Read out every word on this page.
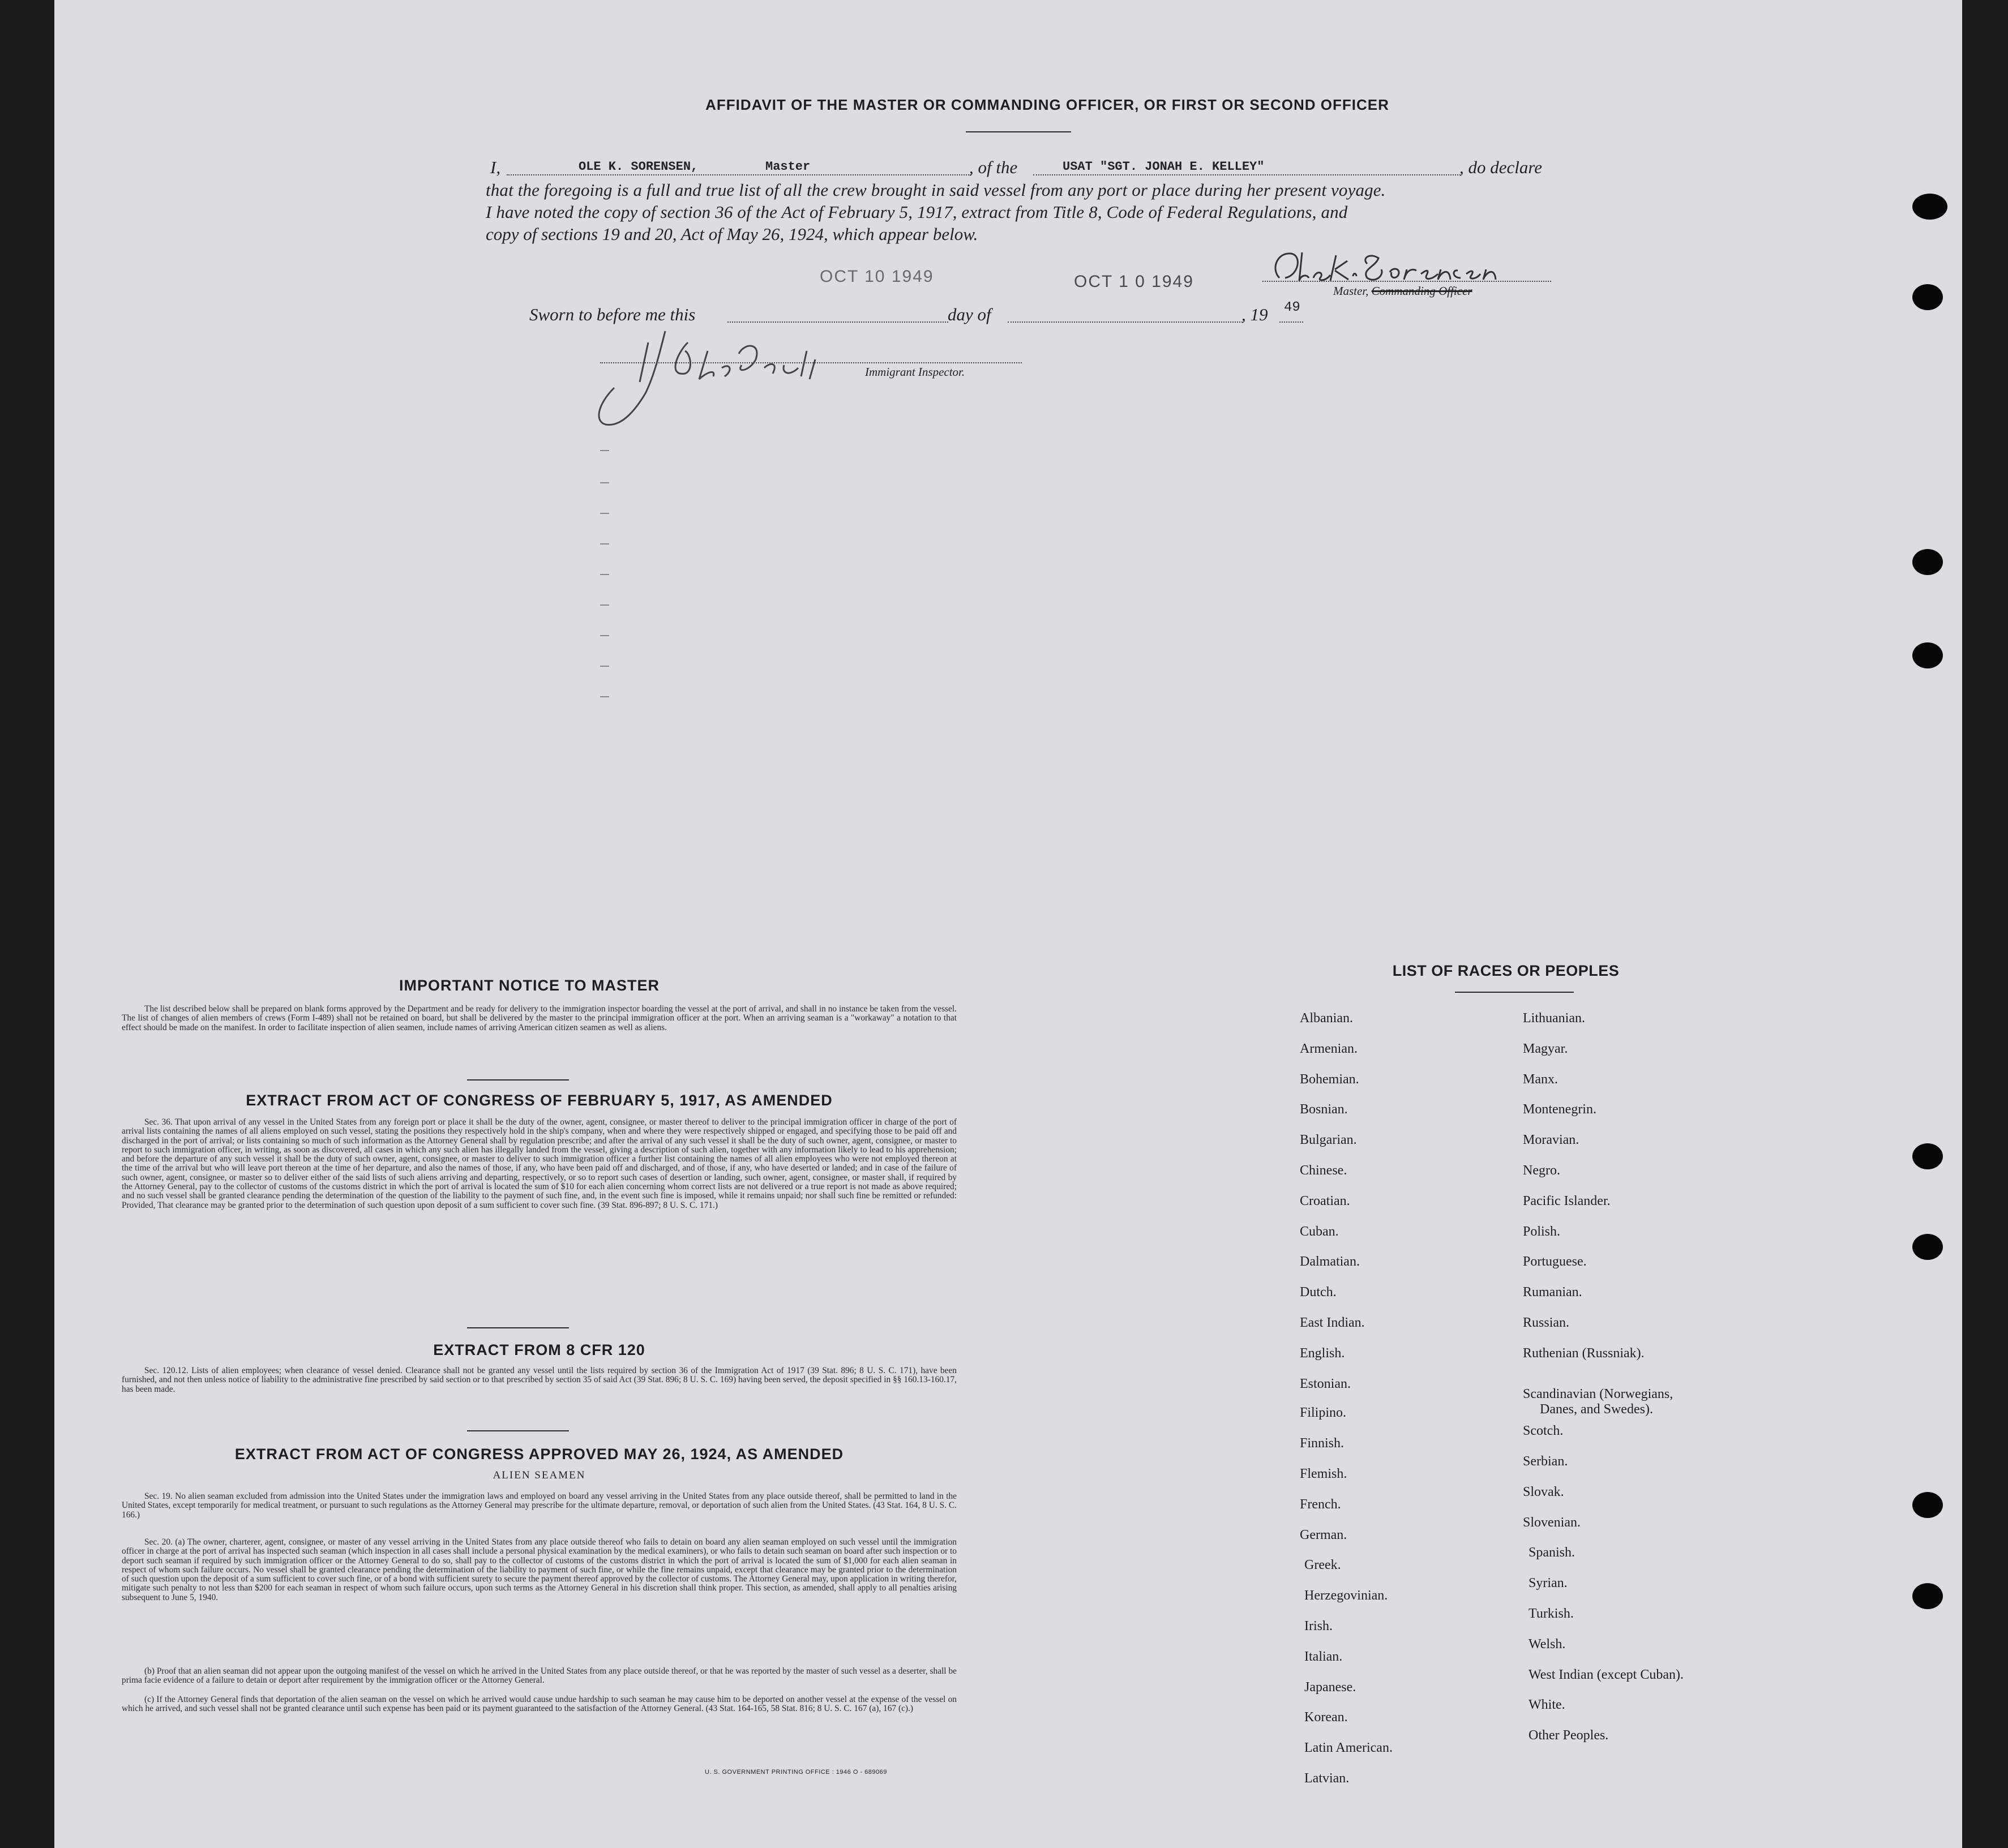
AFFIDAVIT OF THE MASTER OR COMMANDING OFFICER, OR FIRST OR SECOND OFFICER
I,	OLE K. SORENSEN,	Master	, of the	USAT "SGT. JONAH E. KELLEY"	, do declare
that the foregoing is a full and true list of all the crew brought in said vessel from any port or place during her present voyage.
I have noted the copy of section 36 of the Act of February 5, 1917, extract from Title 8, Code of Federal Regulations, and
copy of sections 19 and 20, Act of May 26, 1924, which appear below.
OCT 10 1949	OCT 1 0 1949	Master, Commanding Officer
Sworn to before me this	day of	, 19 49
Immigrant Inspector.
IMPORTANT NOTICE TO MASTER
The list described below shall be prepared on blank forms approved by the Department and be ready for delivery to the immigration inspector boarding the vessel at the port of arrival, and shall in no instance be taken from the vessel. The list of changes of alien members of crews (Form I-489) shall not be retained on board, but shall be delivered by the master to the principal immigration officer at the port. When an arriving seaman is a "workaway" a notation to that effect should be made on the manifest. In order to facilitate inspection of alien seamen, include names of arriving American citizen seamen as well as aliens.
EXTRACT FROM ACT OF CONGRESS OF FEBRUARY 5, 1917, AS AMENDED
Sec. 36. That upon arrival of any vessel in the United States from any foreign port or place it shall be the duty of the owner, agent, consignee, or master thereof to deliver to the principal immigration officer in charge of the port of arrival lists containing the names of all aliens employed on such vessel, stating the positions they respectively hold in the ship's company, when and where they were respectively shipped or engaged, and specifying those to be paid off and discharged in the port of arrival; or lists containing so much of such information as the Attorney General shall by regulation prescribe; and after the arrival of any such vessel it shall be the duty of such owner, agent, consignee, or master to report to such immigration officer, in writing, as soon as discovered, all cases in which any such alien has illegally landed from the vessel, giving a description of such alien, together with any information likely to lead to his apprehension; and before the departure of any such vessel it shall be the duty of such owner, agent, consignee, or master to deliver to such immigration officer a further list containing the names of all alien employees who were not employed thereon at the time of the arrival but who will leave port thereon at the time of her departure, and also the names of those, if any, who have been paid off and discharged, and of those, if any, who have deserted or landed; and in case of the failure of such owner, agent, consignee, or master so to deliver either of the said lists of such aliens arriving and departing, respectively, or so to report such cases of desertion or landing, such owner, agent, consignee, or master shall, if required by the Attorney General, pay to the collector of customs of the customs district in which the port of arrival is located the sum of $10 for each alien concerning whom correct lists are not delivered or a true report is not made as above required; and no such vessel shall be granted clearance pending the determination of the question of the liability to the payment of such fine, and, in the event such fine is imposed, while it remains unpaid; nor shall such fine be remitted or refunded: Provided, That clearance may be granted prior to the determination of such question upon deposit of a sum sufficient to cover such fine. (39 Stat. 896-897; 8 U. S. C. 171.)
EXTRACT FROM 8 CFR 120
Sec. 120.12. Lists of alien employees; when clearance of vessel denied. Clearance shall not be granted any vessel until the lists required by section 36 of the Immigration Act of 1917 (39 Stat. 896; 8 U. S. C. 171), have been furnished, and not then unless notice of liability to the administrative fine prescribed by said section or to that prescribed by section 35 of said Act (39 Stat. 896; 8 U. S. C. 169) having been served, the deposit specified in §§ 160.13-160.17, has been made.
EXTRACT FROM ACT OF CONGRESS APPROVED MAY 26, 1924, AS AMENDED
ALIEN SEAMEN
Sec. 19. No alien seaman excluded from admission into the United States under the immigration laws and employed on board any vessel arriving in the United States from any place outside thereof, shall be permitted to land in the United States, except temporarily for medical treatment, or pursuant to such regulations as the Attorney General may prescribe for the ultimate departure, removal, or deportation of such alien from the United States. (43 Stat. 164, 8 U. S. C. 166.)
Sec. 20. (a) The owner, charterer, agent, consignee, or master of any vessel arriving in the United States from any place outside thereof who fails to detain on board any alien seaman employed on such vessel until the immigration officer in charge at the port of arrival has inspected such seaman (which inspection in all cases shall include a personal physical examination by the medical examiners), or who fails to detain such seaman on board after such inspection or to deport such seaman if required by such immigration officer or the Attorney General to do so, shall pay to the collector of customs of the customs district in which the port of arrival is located the sum of $1,000 for each alien seaman in respect of whom such failure occurs. No vessel shall be granted clearance pending the determination of the liability to payment of such fine, or while the fine remains unpaid, except that clearance may be granted prior to the determination of such question upon the deposit of a sum sufficient to cover such fine, or of a bond with sufficient surety to secure the payment thereof approved by the collector of customs. The Attorney General may, upon application in writing therefor, mitigate such penalty to not less than $200 for each seaman in respect of whom such failure occurs, upon such terms as the Attorney General in his discretion shall think proper. This section, as amended, shall apply to all penalties arising subsequent to June 5, 1940.
(b) Proof that an alien seaman did not appear upon the outgoing manifest of the vessel on which he arrived in the United States from any place outside thereof, or that he was reported by the master of such vessel as a deserter, shall be prima facie evidence of a failure to detain or deport after requirement by the immigration officer or the Attorney General.
(c) If the Attorney General finds that deportation of the alien seaman on the vessel on which he arrived would cause undue hardship to such seaman he may cause him to be deported on another vessel at the expense of the vessel on which he arrived, and such vessel shall not be granted clearance until such expense has been paid or its payment guaranteed to the satisfaction of the Attorney General. (43 Stat. 164-165, 58 Stat. 816; 8 U. S. C. 167 (a), 167 (c).)
U. S. GOVERNMENT PRINTING OFFICE : 1946 O - 689069
LIST OF RACES OR PEOPLES
Albanian.
Armenian.
Bohemian.
Bosnian.
Bulgarian.
Chinese.
Croatian.
Cuban.
Dalmatian.
Dutch.
East Indian.
English.
Estonian.
Filipino.
Finnish.
Flemish.
French.
German.
Greek.
Herzegovinian.
Irish.
Italian.
Japanese.
Korean.
Latin American.
Latvian.
Lithuanian.
Magyar.
Manx.
Montenegrin.
Moravian.
Negro.
Pacific Islander.
Polish.
Portuguese.
Rumanian.
Russian.
Ruthenian (Russniak).
Scandinavian (Norwegians,
Danes, and Swedes).
Scotch.
Serbian.
Slovak.
Slovenian.
Spanish.
Syrian.
Turkish.
Welsh.
West Indian (except Cuban).
White.
Other Peoples.
